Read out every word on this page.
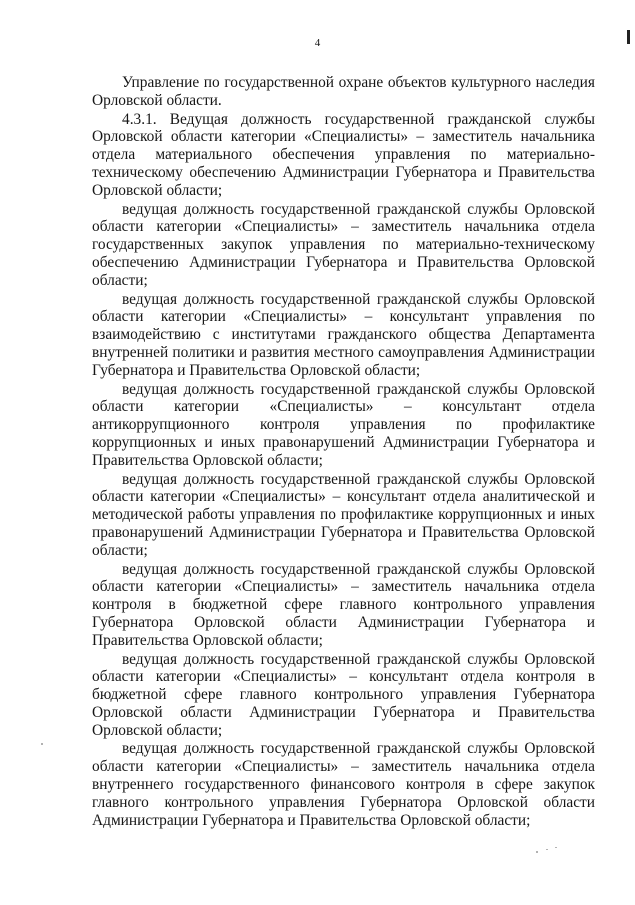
4

Управление по государственной охране объектов культурного наследия Орловской области.

4.3.1. Ведущая должность государственной гражданской службы Орловской области категории «Специалисты» – заместитель начальника отдела материального обеспечения управления по материально-техническому обеспечению Администрации Губернатора и Правительства Орловской области;

ведущая должность государственной гражданской службы Орловской области категории «Специалисты» – заместитель начальника отдела государственных закупок управления по материально-техническому обеспечению Администрации Губернатора и Правительства Орловской области;

ведущая должность государственной гражданской службы Орловской области категории «Специалисты» – консультант управления по взаимодействию с институтами гражданского общества Департамента внутренней политики и развития местного самоуправления Администрации Губернатора и Правительства Орловской области;

ведущая должность государственной гражданской службы Орловской области категории «Специалисты» – консультант отдела антикоррупционного контроля управления по профилактике коррупционных и иных правонарушений Администрации Губернатора и Правительства Орловской области;

ведущая должность государственной гражданской службы Орловской области категории «Специалисты» – консультант отдела аналитической и методической работы управления по профилактике коррупционных и иных правонарушений Администрации Губернатора и Правительства Орловской области;

ведущая должность государственной гражданской службы Орловской области категории «Специалисты» – заместитель начальника отдела контроля в бюджетной сфере главного контрольного управления Губернатора Орловской области Администрации Губернатора и Правительства Орловской области;

ведущая должность государственной гражданской службы Орловской области категории «Специалисты» – консультант отдела контроля в бюджетной сфере главного контрольного управления Губернатора Орловской области Администрации Губернатора и Правительства Орловской области;

ведущая должность государственной гражданской службы Орловской области категории «Специалисты» – заместитель начальника отдела внутреннего государственного финансового контроля в сфере закупок главного контрольного управления Губернатора Орловской области Администрации Губернатора и Правительства Орловской области;
